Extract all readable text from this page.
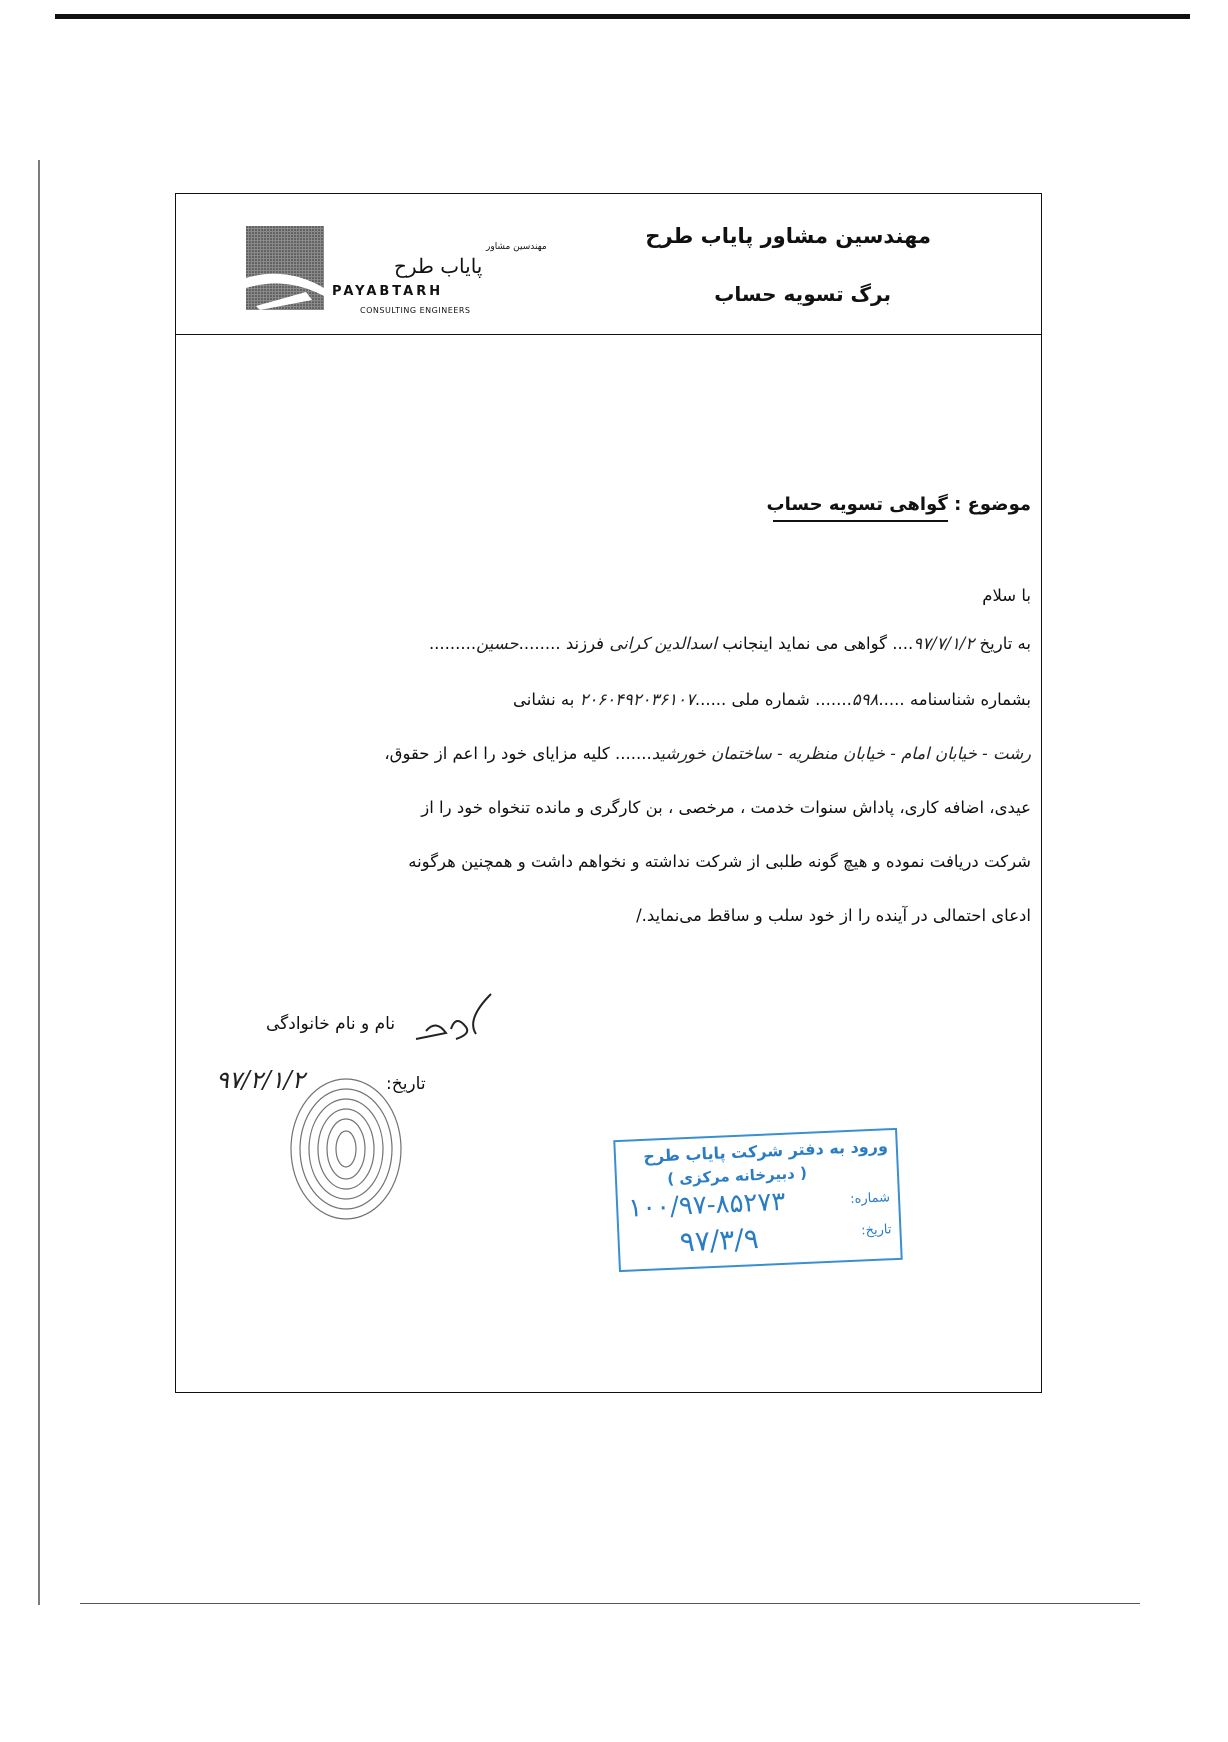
مهندسین مشاور پایاب طرح
برگ تسویه حساب
مهندسین مشاور
پایاب طرح
PAYABTARH
CONSULTING ENGINEERS
موضوع : گواهی تسویه حساب
با سلام
به تاریخ ۹۷/۷/۱/۲.... گواهی می نماید اینجانب اسدالدین کرانی فرزند ........حسین.........
بشماره شناسنامه .....۵۹۸....... شماره ملی ......۲۰۶۰۴۹۲۰۳۶۱۰۷ به نشانی
رشت - خیابان امام - خیابان منظریه - ساختمان خورشید....... کلیه مزایای خود را اعم از حقوق،
عیدی، اضافه کاری، پاداش سنوات خدمت ، مرخصی ، بن کارگری و مانده تنخواه خود را از
شرکت دریافت نموده و هیچ گونه طلبی از شرکت نداشته و نخواهم داشت و همچنین هرگونه
ادعای احتمالی در آینده را از خود سلب و ساقط می‌نماید./
نام و نام خانوادگی
تاریخ:
۹۷/۲/۱/۲
ورود به دفتر شرکت پایاب طرح
( دبیرخانه مرکزی )
شماره:
۱۰۰/۹۷-۸۵۲۷۳
تاریخ:
۹۷/۳/۹
